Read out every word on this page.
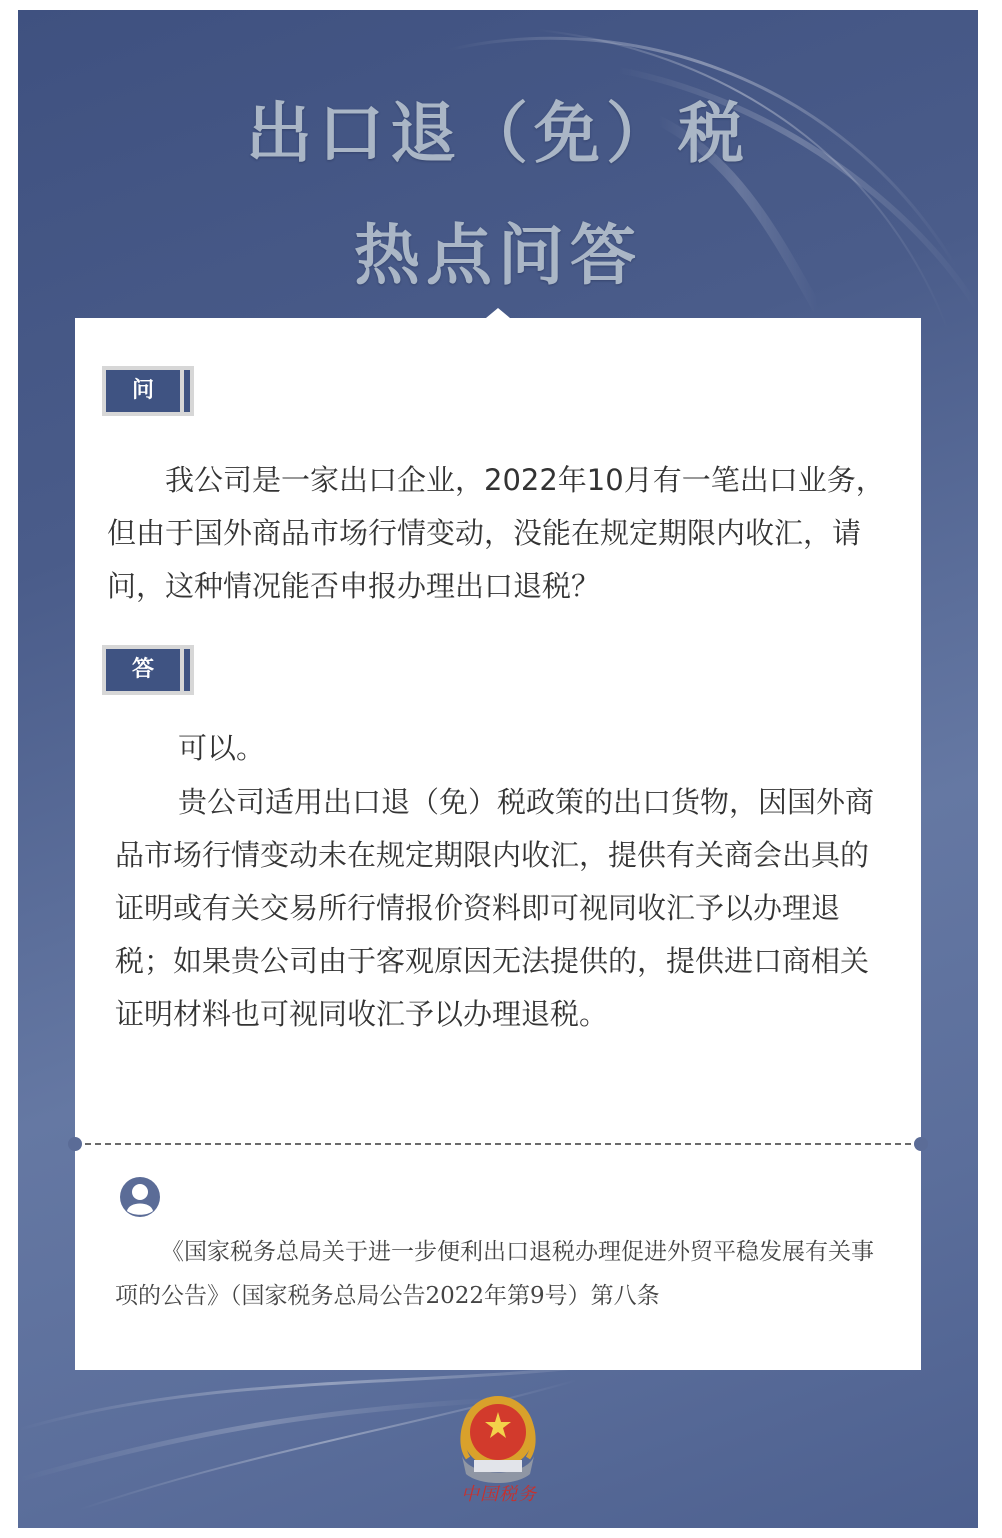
出口退（免）税
热点问答
问

我公司是一家出口企业，2022年10月有一笔出口业务，但由于国外商品市场行情变动，没能在规定期限内收汇，请问，这种情况能否申报办理出口退税？

答

可以。

贵公司适用出口退（免）税政策的出口货物，因国外商品市场行情变动未在规定期限内收汇，提供有关商会出具的证明或有关交易所行情报价资料即可视同收汇予以办理退税；如果贵公司由于客观原因无法提供的，提供进口商相关证明材料也可视同收汇予以办理退税。

《国家税务总局关于进一步便利出口退税办理促进外贸平稳发展有关事项的公告》（国家税务总局公告2022年第9号）第八条

中国税务
